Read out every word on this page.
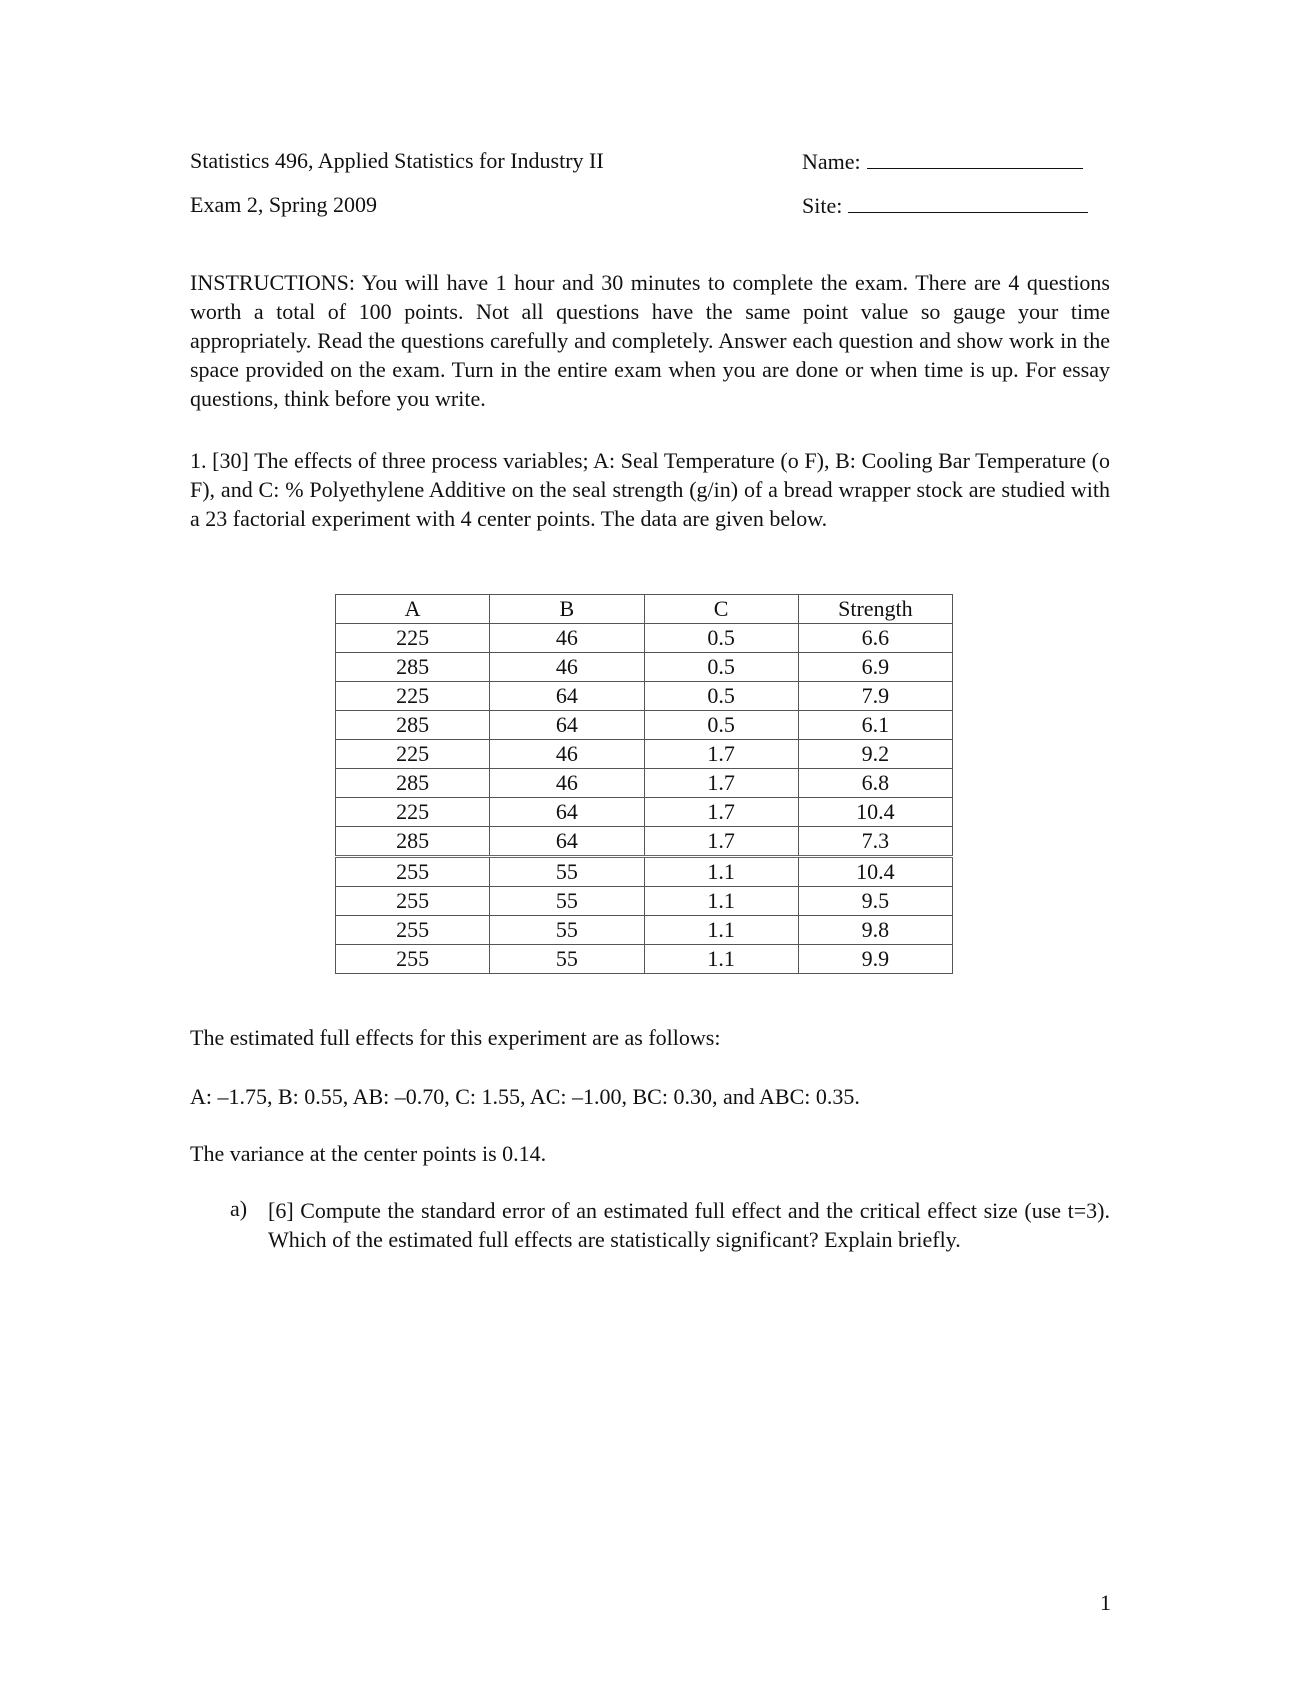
Statistics 496, Applied Statistics for Industry II	Name:
Exam 2, Spring 2009	Site:

INSTRUCTIONS: You will have 1 hour and 30 minutes to complete the exam. There are 4 questions worth a total of 100 points. Not all questions have the same point value so gauge your time appropriately. Read the questions carefully and completely. Answer each question and show work in the space provided on the exam. Turn in the entire exam when you are done or when time is up. For essay questions, think before you write.

1. [30] The effects of three process variables; A: Seal Temperature (o F), B: Cooling Bar Temperature (o F), and C: % Polyethylene Additive on the seal strength (g/in) of a bread wrapper stock are studied with a 23 factorial experiment with 4 center points. The data are given below.

A	B	C	Strength
225	46	0.5	6.6
285	46	0.5	6.9
225	64	0.5	7.9
285	64	0.5	6.1
225	46	1.7	9.2
285	46	1.7	6.8
225	64	1.7	10.4
285	64	1.7	7.3
255	55	1.1	10.4
255	55	1.1	9.5
255	55	1.1	9.8
255	55	1.1	9.9

The estimated full effects for this experiment are as follows:

A: –1.75, B: 0.55, AB: –0.70, C: 1.55, AC: –1.00, BC: 0.30, and ABC: 0.35.

The variance at the center points is 0.14.

a) [6] Compute the standard error of an estimated full effect and the critical effect size (use t=3). Which of the estimated full effects are statistically significant? Explain briefly.

1
